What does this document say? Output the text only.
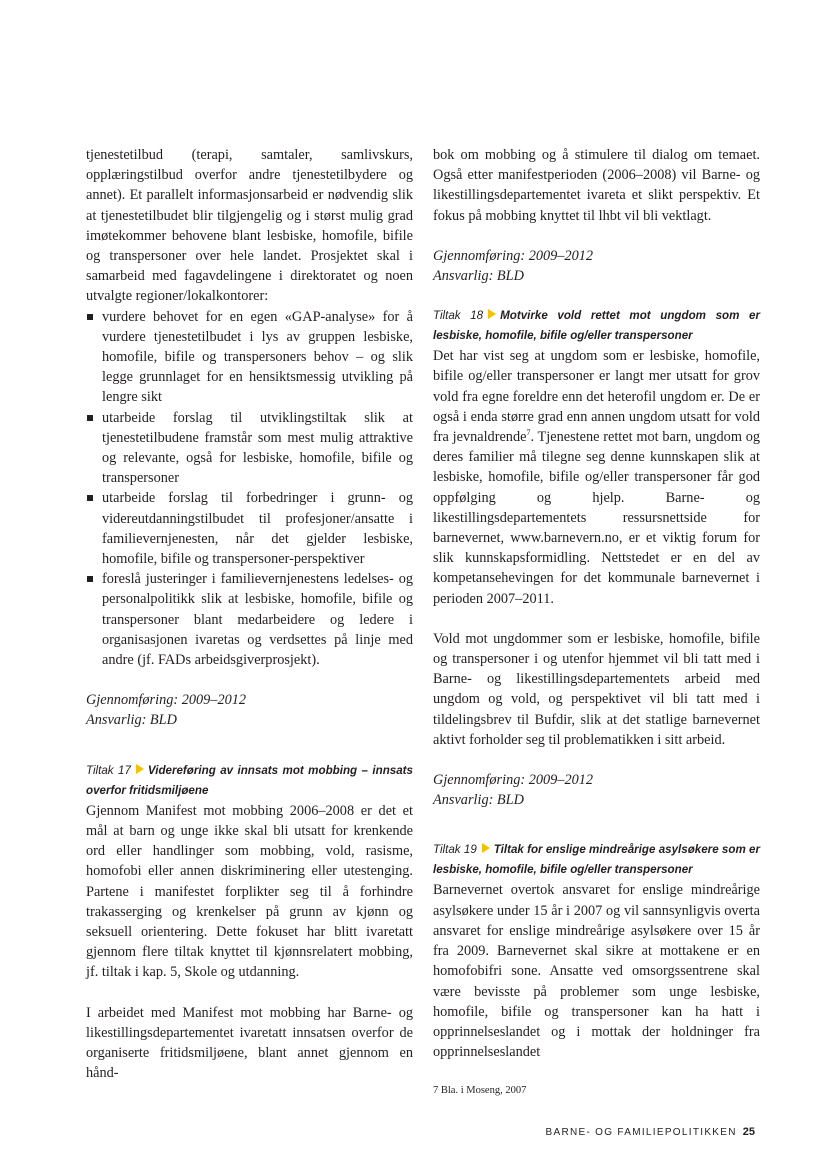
tjenestetilbud (terapi, samtaler, samlivskurs, opplæringstilbud overfor andre tjenestetilbydere og annet). Et parallelt informasjonsarbeid er nødvendig slik at tjenestetilbudet blir tilgjengelig og i størst mulig grad imøtekommer behovene blant lesbiske, homofile, bifile og transpersoner over hele landet. Prosjektet skal i samarbeid med fagavdelingene i direktoratet og noen utvalgte regioner/lokalkontorer:

vurdere behovet for en egen «GAP-analyse» for å vurdere tjenestetilbudet i lys av gruppen lesbiske, homofile, bifile og transpersoners behov – og slik legge grunnlaget for en hensiktsmessig utvikling på lengre sikt
utarbeide forslag til utviklingstiltak slik at tjenestetilbudene framstår som mest mulig attraktive og relevante, også for lesbiske, homofile, bifile og transpersoner
utarbeide forslag til forbedringer i grunn- og videreutdanningstilbudet til profesjoner/ansatte i familievernjenesten, når det gjelder lesbiske, homofile, bifile og transpersoner-perspektiver
foreslå justeringer i familievernjenestens ledelses- og personalpolitikk slik at lesbiske, homofile, bifile og transpersoner blant medarbeidere og ledere i organisasjonen ivaretas og verdsettes på linje med andre (jf. FADs arbeidsgiverprosjekt).

Gjennomføring: 2009–2012

Ansvarlig: BLD

Tiltak 17 Videreføring av innsats mot mobbing – innsats overfor fritidsmiljøene

Gjennom Manifest mot mobbing 2006–2008 er det et mål at barn og unge ikke skal bli utsatt for krenkende ord eller handlinger som mobbing, vold, rasisme, homofobi eller annen diskriminering eller utestenging. Partene i manifestet forplikter seg til å forhindre trakasserging og krenkelser på grunn av kjønn og seksuell orientering. Dette fokuset har blitt ivaretatt gjennom flere tiltak knyttet til kjønnsrelatert mobbing, jf. tiltak i kap. 5, Skole og utdanning.

I arbeidet med Manifest mot mobbing har Barne- og likestillingsdepartementet ivaretatt innsatsen overfor de organiserte fritidsmiljøene, blant annet gjennom en hånd-

bok om mobbing og å stimulere til dialog om temaet. Også etter manifestperioden (2006–2008) vil Barne- og likestillingsdepartementet ivareta et slikt perspektiv. Et fokus på mobbing knyttet til lhbt vil bli vektlagt.

Gjennomføring: 2009–2012

Ansvarlig: BLD

Tiltak 18 Motvirke vold rettet mot ungdom som er lesbiske, homofile, bifile og/eller transpersoner

Det har vist seg at ungdom som er lesbiske, homofile, bifile og/eller transpersoner er langt mer utsatt for grov vold fra egne foreldre enn det heterofil ungdom er. De er også i enda større grad enn annen ungdom utsatt for vold fra jevnaldrende$^7$. Tjenestene rettet mot barn, ungdom og deres familier må tilegne seg denne kunnskapen slik at lesbiske, homofile, bifile og/eller transpersoner får god oppfølging og hjelp. Barne- og likestillingsdepartementets ressursnettside for barnevernet, www.barnevern.no, er et viktig forum for slik kunnskapsformidling. Nettstedet er en del av kompetansehevingen for det kommunale barnevernet i perioden 2007–2011.

Vold mot ungdommer som er lesbiske, homofile, bifile og transpersoner i og utenfor hjemmet vil bli tatt med i Barne- og likestillingsdepartementets arbeid med ungdom og vold, og perspektivet vil bli tatt med i tildelingsbrev til Bufdir, slik at det statlige barnevernet aktivt forholder seg til problematikken i sitt arbeid.

Gjennomføring: 2009–2012

Ansvarlig: BLD

Tiltak 19 Tiltak for enslige mindreårige asylsøkere som er lesbiske, homofile, bifile og/eller transpersoner

Barnevernet overtok ansvaret for enslige mindreårige asylsøkere under 15 år i 2007 og vil sannsynligvis overta ansvaret for enslige mindreårige asylsøkere over 15 år fra 2009. Barnevernet skal sikre at mottakene er en homofobifri sone. Ansatte ved omsorgssentrene skal være bevisste på problemer som unge lesbiske, homofile, bifile og transpersoner kan ha hatt i opprinnelseslandet og i mottak der holdninger fra opprinnelseslandet

7 Bla. i Moseng, 2007
BARNE- OG FAMILIEPOLITIKKEN 25
